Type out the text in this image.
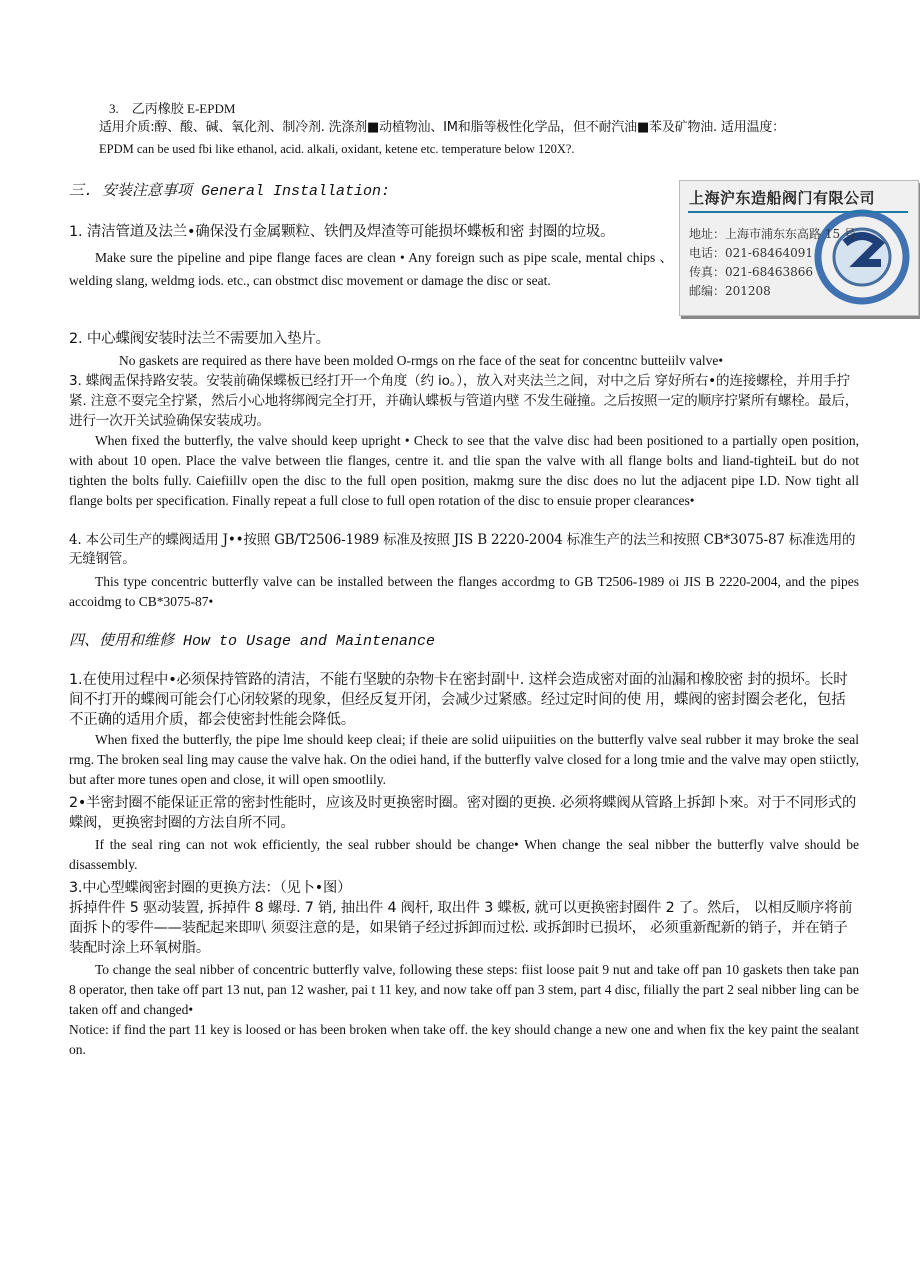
3.　乙丙橡胶 E-EPDM

适用介质:醇、酸、碱、氧化剂、制冷剂. 洗涤剂■动植物汕、IM和脂等极性化学品，但不耐汽油■苯及矿物油. 适用温度：

EPDM can be used fbi like ethanol, acid. alkali, oxidant, ketene etc. temperature below 120X?.

三. 安装注意事项 General Installation:

1. 清洁管道及法兰•确保没冇金属颗粒、铁們及焊渣等可能损坏蝶板和密 封圈的垃圾。

Make sure the pipeline and pipe flange faces are clean • Any foreign such as pipe scale, mental chips 、welding slang, weldmg iods. etc., can obstmct disc movement or damage the disc or seat.

2. 中心蝶阀安装时法兰不需要加入垫片。

No gaskets are required as there have been molded O-rmgs on rhe face of the seat for concentnc butteiilv valve•

3. 蝶阀盂保持路安装。安装前确保蝶板已经打开一个角度（约 io。），放入对夹法兰之间，对中之后 穿好所右•的连接螺栓，并用手拧紧. 注意不耍完全拧紧，然后小心地将绑阀完全打开，并确认蝶板与管道内壁 不发生碰撞。之后按照一定的顺序拧紧所有螺栓。最后，进行一次开关试验确保安装成功。

When fixed the butterfly, the valve should keep upright • Check to see that the valve disc had been positioned to a partially open position, with about 10 open. Place the valve between tlie flanges, centre it. and tlie span the valve with all flange bolts and liand-tighteiL but do not tighten the bolts fully. Caiefiillv open the disc to the full open position, makmg sure the disc does no lut the adjacent pipe I.D. Now tight all flange bolts per specification. Finally repeat a full close to full open rotation of the disc to ensuie proper clearances•

4. 本公司生产的蝶阀适用 J••按照 GB/T2506-1989 标准及按照 JIS B 2220-2004 标准生产的法兰和按照 CB*3075-87 标准选用的无缝钢管。

This type concentric butterfly valve can be installed between the flanges accordmg to GB T2506-1989 oi JIS B 2220-2004, and the pipes accoidmg to CB*3075-87•

四、使用和维修 How to Usage and Maintenance

1.在使用过程中•必须保持管路的清洁，不能冇坚駛的杂物卡在密封副屮. 这样会造成密对面的汕漏和橡胶密 封的损坏。长时间不打开的蝶阀可能会仃心闭较紧的现象，但经反复开闭，会减少过紧感。经过定时间的使 用，蝶阀的密封圈会老化，包括不正确的适用介质，都会使密封性能会降低。

When fixed the butterfly, the pipe lme should keep cleai; if theie are solid uiipuiities on the butterfly valve seal rubber it may broke the seal rmg. The broken seal ling may cause the valve hak. On the odiei hand, if the butterfly valve closed for a long tmie and the valve may open stiictly, but after more tunes open and close, it will open smootlily.

2•半密封圈不能保证正常的密封性能时，应该及时更换密时圈。密对圈的更换. 必须将蝶阀从管路上拆卸卜來。对于不同形式的蝶阀，更换密封圈的方法自所不同。

If the seal ring can not wok efficiently, the seal rubber should be change• When change the seal nibber the butterfly valve should be disassembly.

3.中心型蝶阀密封圈的更换方法：（见卜•图）

拆掉件件 5 驱动装置, 拆掉件 8 螺母. 7 销, 抽出件 4 阀杆, 取出件 3 蝶板, 就可以更换密封圈件 2 了。然后， 以相反顺序将前面拆卜的零件——装配起来即叭 须耍注意的是，如果销子经过拆卸而过松. 或拆卸时已损坏， 必须重新配新的销子，并在销子装配时涂上环氧树脂。

To change the seal nibber of concentric butterfly valve, following these steps: fiist loose pait 9 nut and take off pan 10 gaskets then take pan 8 operator, then take off part 13 nut, pan 12 washer, pai t 11 key, and now take off pan 3 stem, part 4 disc, filially the part 2 seal nibber ling can be taken off and changed•

Notice: if find the part 11 key is loosed or has been broken when take off. the key should change a new one and when fix the key paint the sealant on.

上海沪东造船阀门有限公司
地址：上海市浦东东高路 15 号
电话：021-68464091
传真：021-68463866
邮编：201208
